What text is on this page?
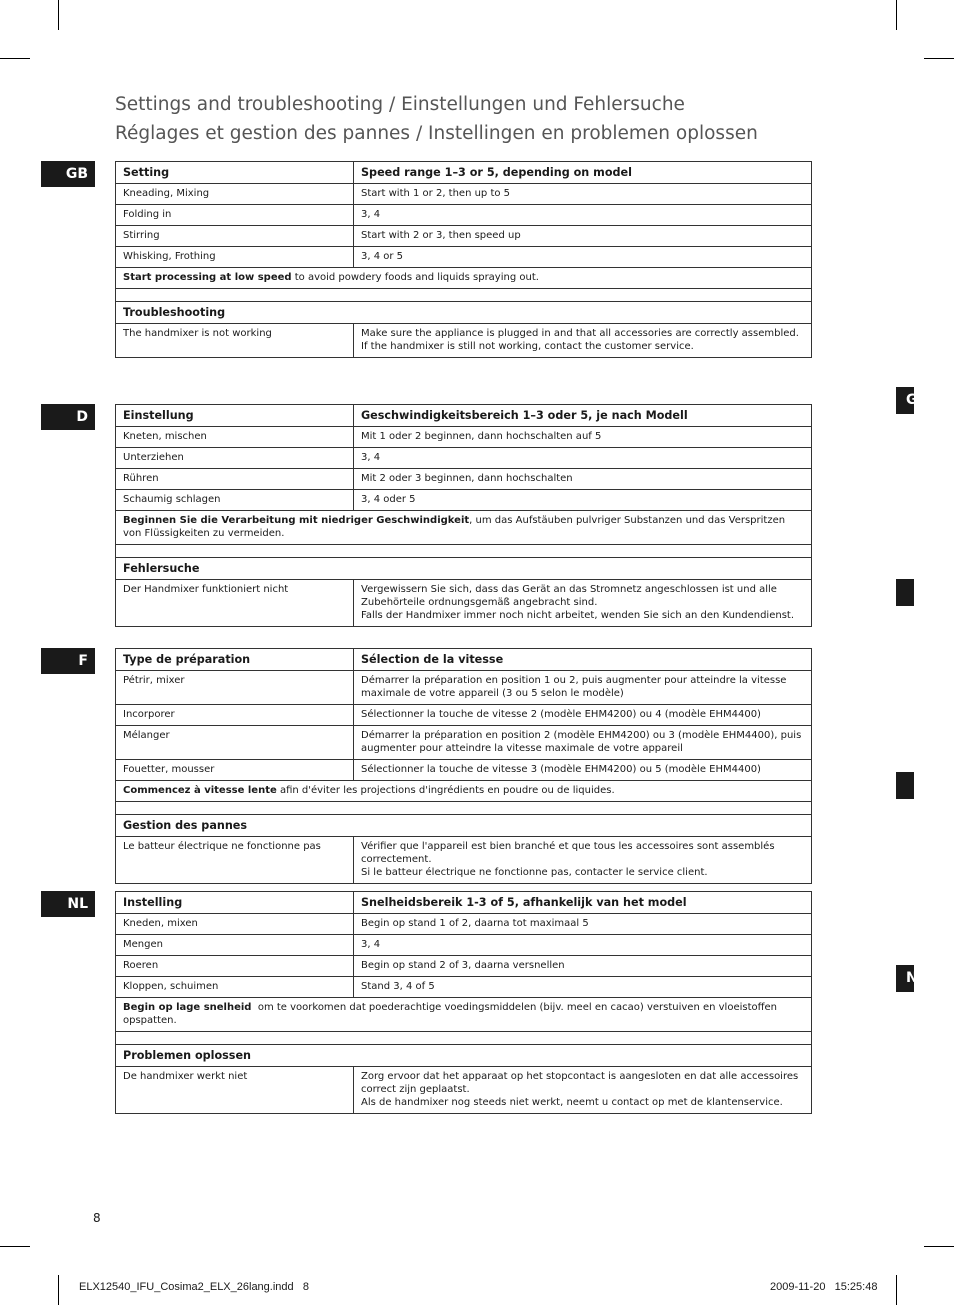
Settings and troubleshooting / Einstellungen und Fehlersuche
Réglages et gestion des pannes / Instellingen en problemen oplossen
G
N
GB
D
F
NL
Setting	Speed range 1–3 or 5, depending on model
Kneading, Mixing	Start with 1 or 2, then up to 5
Folding in	3, 4
Stirring	Start with 2 or 3, then speed up
Whisking, Frothing	3, 4 or 5
Start processing at low speed to avoid powdery foods and liquids spraying out.	

Troubleshooting	
The handmixer is not working	Make sure the appliance is plugged in and that all accessories are correctly assembled.
If the handmixer is still not working, contact the customer service.
Einstellung	Geschwindigkeitsbereich 1–3 oder 5, je nach Modell
Kneten, mischen	Mit 1 oder 2 beginnen, dann hochschalten auf 5
Unterziehen	3, 4
Rühren	Mit 2 oder 3 beginnen, dann hochschalten
Schaumig schlagen	3, 4 oder 5
Beginnen Sie die Verarbeitung mit niedriger Geschwindigkeit, um das Aufstäuben pulvriger Substanzen und das Verspritzen von Flüssigkeiten zu vermeiden.	

Fehlersuche	
Der Handmixer funktioniert nicht	Vergewissern Sie sich, dass das Gerät an das Stromnetz angeschlossen ist und alle Zubehörteile ordnungsgemäß angebracht sind.
Falls der Handmixer immer noch nicht arbeitet, wenden Sie sich an den Kundendienst.
Type de préparation	Sélection de la vitesse
Pétrir, mixer	Démarrer la préparation en position 1 ou 2, puis augmenter pour atteindre la vitesse maximale de votre appareil (3 ou 5 selon le modèle)
Incorporer	Sélectionner la touche de vitesse 2 (modèle EHM4200) ou 4 (modèle EHM4400)
Mélanger	Démarrer la préparation en position 2 (modèle EHM4200) ou 3 (modèle EHM4400), puis augmenter pour atteindre la vitesse maximale de votre appareil
Fouetter, mousser	Sélectionner la touche de vitesse 3 (modèle EHM4200) ou 5 (modèle EHM4400)
Commencez à vitesse lente afin d'éviter les projections d'ingrédients en poudre ou de liquides.	

Gestion des pannes	
Le batteur électrique ne fonctionne pas	Vérifier que l'appareil est bien branché et que tous les accessoires sont assemblés correctement.
Si le batteur électrique ne fonctionne pas, contacter le service client.
Instelling	Snelheidsbereik 1-3 of 5, afhankelijk van het model
Kneden, mixen	Begin op stand 1 of 2, daarna tot maximaal 5
Mengen	3, 4
Roeren	Begin op stand 2 of 3, daarna versnellen
Kloppen, schuimen	Stand 3, 4 of 5
Begin op lage snelheid  om te voorkomen dat poederachtige voedingsmiddelen (bijv. meel en cacao) verstuiven en vloeistoffen opspatten.	

Problemen oplossen	
De handmixer werkt niet	Zorg ervoor dat het apparaat op het stopcontact is aangesloten en dat alle accessoires correct zijn geplaatst.
Als de handmixer nog steeds niet werkt, neemt u contact op met de klantenservice.
8
ELX12540_IFU_Cosima2_ELX_26lang.indd   8	2009-11-20   15:25:48
